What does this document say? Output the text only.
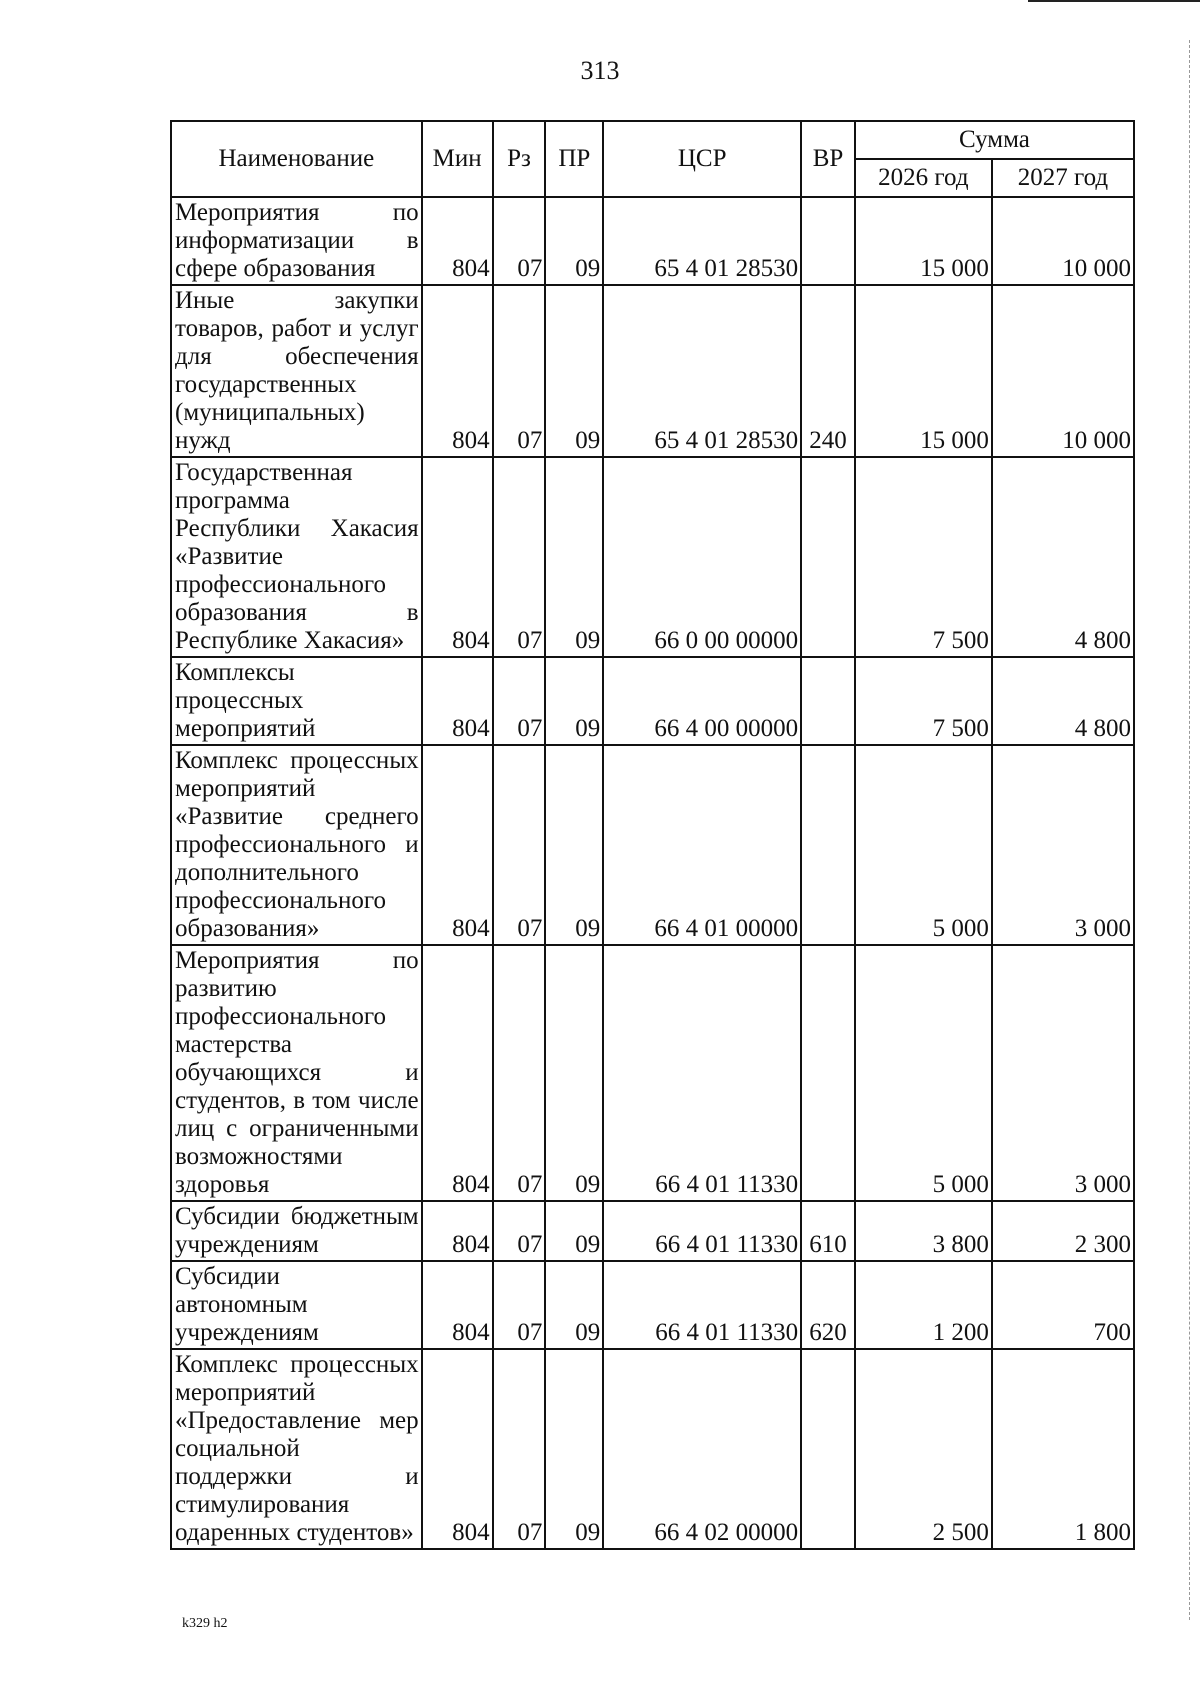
313
Наименование	Мин	Рз	ПР	ЦСР	ВР	Сумма	
						2026 год	2027 год
Мероприятия по информатизации в сфере образования	804	07	09	65 4 01 28530		15 000	10 000
Иные закупки товаров, работ и услуг для обеспечения государственных (муниципальных) нужд	804	07	09	65 4 01 28530	240	15 000	10 000
Государственная программа Республики Хакасия «Развитие профессионального образования в Республике Хакасия»	804	07	09	66 0 00 00000		7 500	4 800
Комплексы процессных мероприятий	804	07	09	66 4 00 00000		7 500	4 800
Комплекс процессных мероприятий «Развитие среднего профессионального и дополнительного профессионального образования»	804	07	09	66 4 01 00000		5 000	3 000
Мероприятия по развитию профессионального мастерства обучающихся и студентов, в том числе лиц с ограниченными возможностями здоровья	804	07	09	66 4 01 11330		5 000	3 000
Субсидии бюджетным учреждениям	804	07	09	66 4 01 11330	610	3 800	2 300
Субсидии автономным учреждениям	804	07	09	66 4 01 11330	620	1 200	700
Комплекс процессных мероприятий «Предоставление мер социальной поддержки и стимулирования одаренных студентов»	804	07	09	66 4 02 00000		2 500	1 800
k329 h2
